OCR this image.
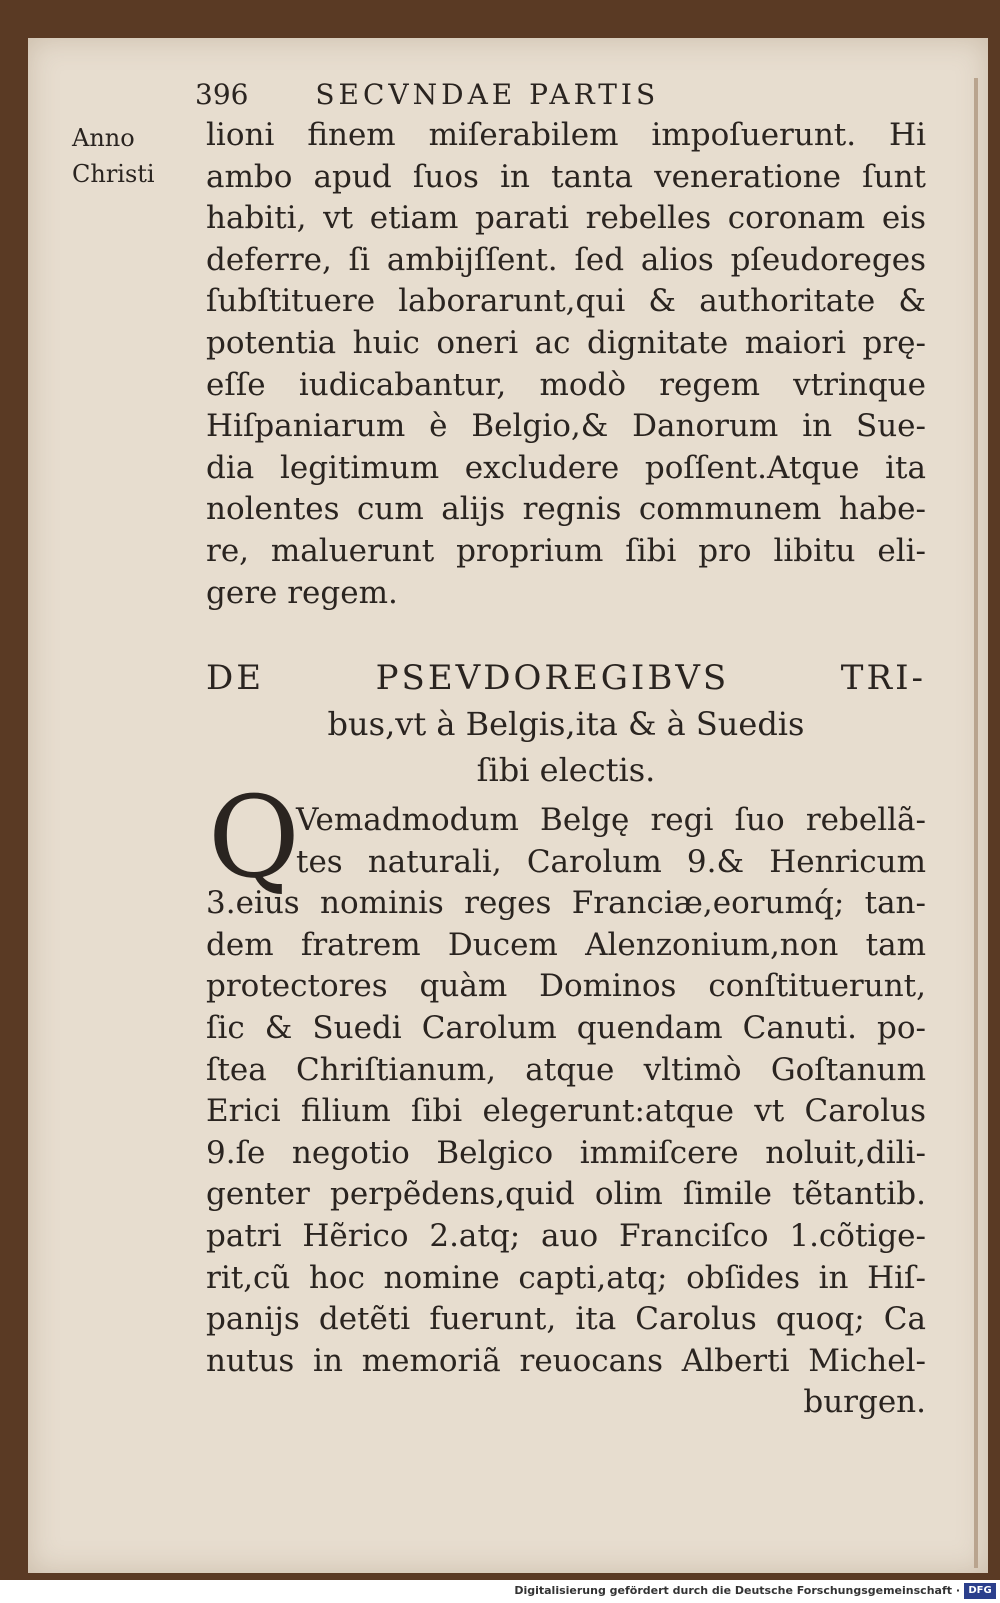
396 SECVNDAE PARTIS
Anno
Christi
lioni finem miſerabilem impoſuerunt. Hi
ambo apud ſuos in tanta veneratione ſunt
habiti, vt etiam parati rebelles coronam eis
deferre, ſi ambijſſent. ſed alios pſeudoreges
ſubſtituere laborarunt,qui & authoritate &
potentia huic oneri ac dignitate maiori prę-
eſſe iudicabantur, modò regem vtrinque
Hiſpaniarum è Belgio,& Danorum in Sue-
dia legitimum excludere poſſent.Atque ita
nolentes cum alijs regnis communem habe-
re, maluerunt proprium ſibi pro libitu eli-
gere regem.
DE PSEVDOREGIBVS TRI-
bus,vt à Belgis,ita & à Suedis
ſibi electis.
Q
Vemadmodum Belgę regi ſuo rebellã-
tes naturali, Carolum 9.& Henricum
3.eius nominis reges Franciæ,eorumq́; tan-
dem fratrem Ducem Alenzonium,non tam
protectores quàm Dominos conſtituerunt,
ſic & Suedi Carolum quendam Canuti. po-
ſtea Chriſtianum, atque vltimò Goſtanum
Erici filium ſibi elegerunt:atque vt Carolus
9.ſe negotio Belgico immiſcere noluit,dili-
genter perpẽdens,quid olim ſimile tẽtantib.
patri Hẽrico 2.atq; auo Franciſco 1.cõtige-
rit,cũ hoc nomine capti,atq; obſides in Hiſ-
panijs detẽti fuerunt, ita Carolus quoq; Ca
nutus in memoriã reuocans Alberti Michel-
burgen.
Digitalisierung gefördert durch die Deutsche Forschungsgemeinschaft · DFG
